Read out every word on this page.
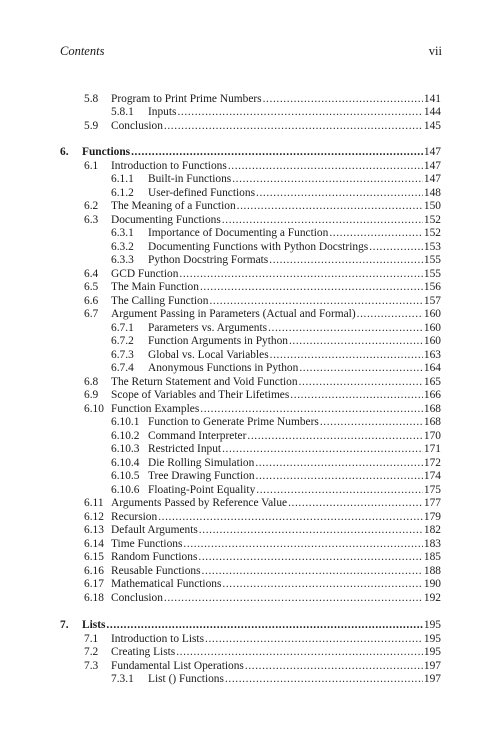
Contents	vii
5.8 Program to Print Prime Numbers .....	141
5.8.1 Inputs .....	144
5.9 Conclusion .....	145
6. Functions .....	147
6.1 Introduction to Functions .....	147
6.1.1 Built-in Functions .....	147
6.1.2 User-defined Functions .....	148
6.2 The Meaning of a Function .....	150
6.3 Documenting Functions .....	152
6.3.1 Importance of Documenting a Function .....	152
6.3.2 Documenting Functions with Python Docstrings .....	153
6.3.3 Python Docstring Formats .....	155
6.4 GCD Function .....	155
6.5 The Main Function .....	156
6.6 The Calling Function .....	157
6.7 Argument Passing in Parameters (Actual and Formal) .....	160
6.7.1 Parameters vs. Arguments .....	160
6.7.2 Function Arguments in Python .....	160
6.7.3 Global vs. Local Variables .....	163
6.7.4 Anonymous Functions in Python .....	164
6.8 The Return Statement and Void Function .....	165
6.9 Scope of Variables and Their Lifetimes .....	166
6.10 Function Examples .....	168
6.10.1 Function to Generate Prime Numbers .....	168
6.10.2 Command Interpreter .....	170
6.10.3 Restricted Input .....	171
6.10.4 Die Rolling Simulation .....	172
6.10.5 Tree Drawing Function .....	174
6.10.6 Floating-Point Equality .....	175
6.11 Arguments Passed by Reference Value .....	177
6.12 Recursion .....	179
6.13 Default Arguments .....	182
6.14 Time Functions .....	183
6.15 Random Functions .....	185
6.16 Reusable Functions .....	188
6.17 Mathematical Functions .....	190
6.18 Conclusion .....	192
7. Lists .....	195
7.1 Introduction to Lists .....	195
7.2 Creating Lists .....	195
7.3 Fundamental List Operations .....	197
7.3.1 List () Functions .....	197
